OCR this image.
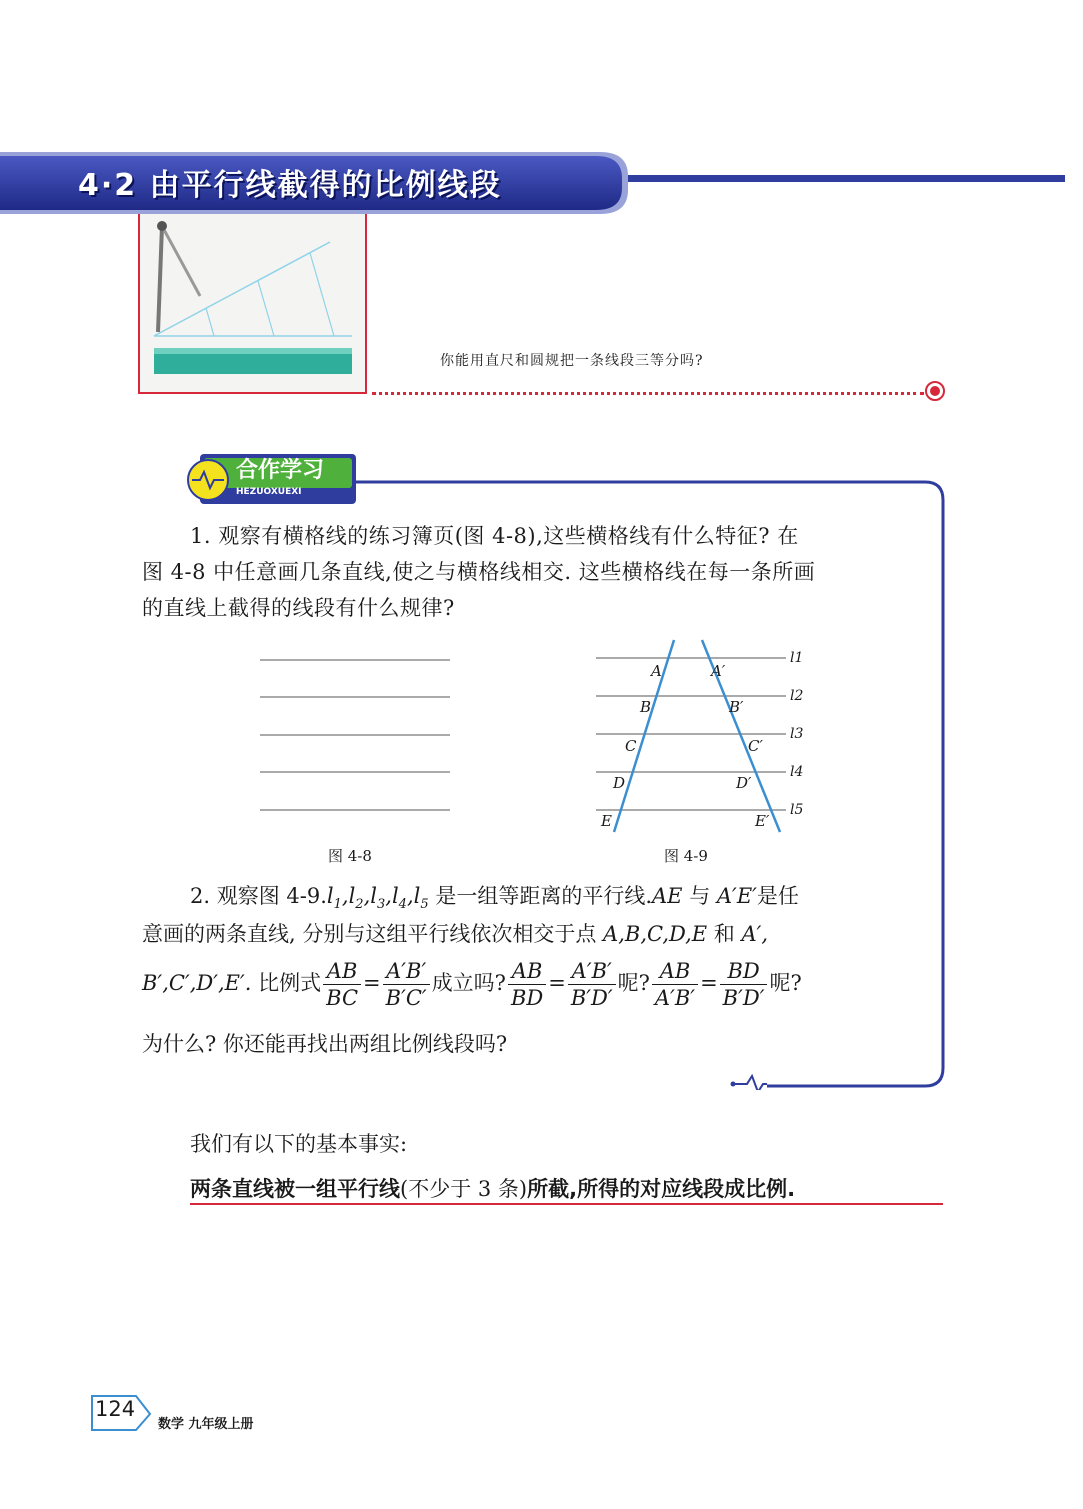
4·2 由平行线截得的比例线段
你能用直尺和圆规把一条线段三等分吗?
合作学习
HEZUOXUEXI
1. 观察有横格线的练习簿页(图 4-8),这些横格线有什么特征? 在
图 4-8 中任意画几条直线,使之与横格线相交. 这些横格线在每一条所画
的直线上截得的线段有什么规律?
图 4-8
A
B
C
D
E
A′
B′
C′
D′
E′
l1
l2
l3
l4
l5
图 4-9
2. 观察图 $4-9.l_1,l_2,l_3,l_4,l_5$ 是一组等距离的平行线.AE 与 A′E′是任
意画的两条直线, 分别与这组平行线依次相交于点 A,B,C,D,E 和 A′,
B′,C′,D′,E′. 比例式 $\frac{AB}{BC} = \frac{A'B'}{B'C'}$ 成立吗? $\frac{AB}{BD} = \frac{A'B'}{B'D'}$ 呢? $\frac{AB}{A'B'} = \frac{BD}{B'D'}$ 呢?
为什么? 你还能再找出两组比例线段吗?
我们有以下的基本事实:
两条直线被一组平行线(不少于 3 条)所截,所得的对应线段成比例.
124
数学 九年级上册
